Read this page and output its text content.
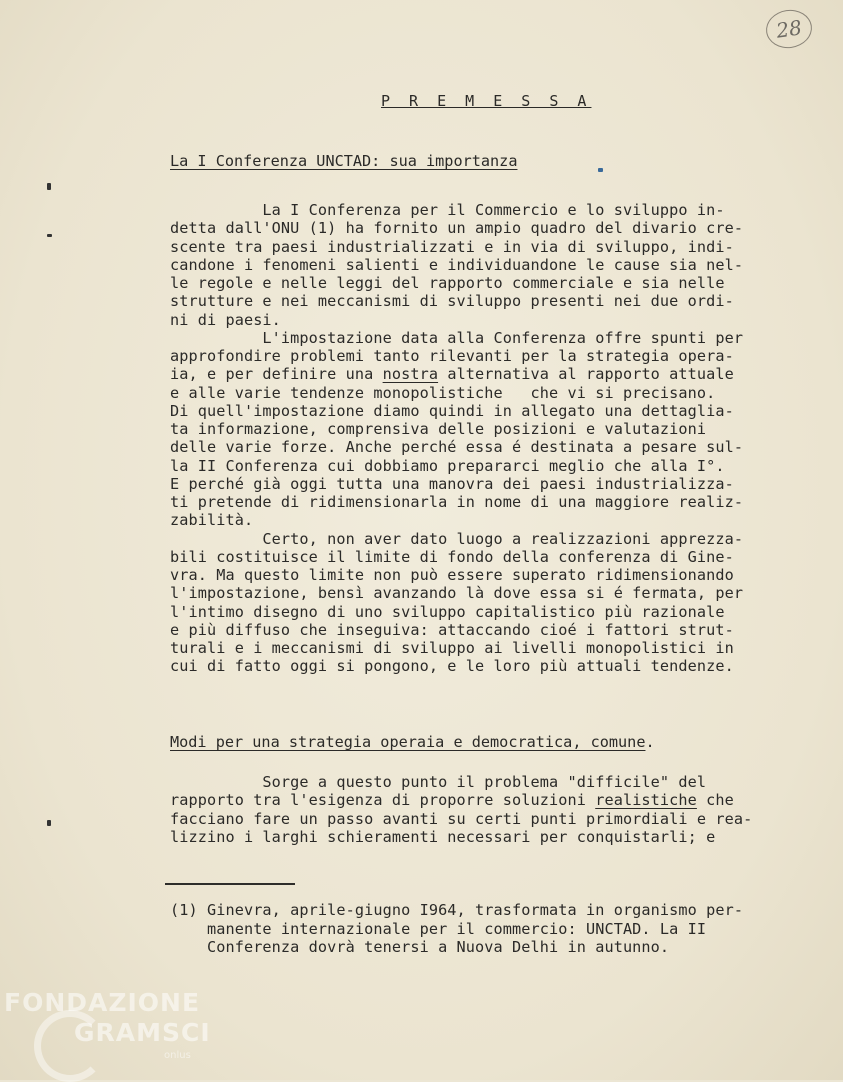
28
P R E M E S S A
La I Conferenza UNCTAD: sua importanza
La I Conferenza per il Commercio e lo sviluppo in-
detta dall'ONU (1) ha fornito un ampio quadro del divario cre-
scente tra paesi industrializzati e in via di sviluppo, indi-
candone i fenomeni salienti e individuandone le cause sia nel-
le regole e nelle leggi del rapporto commerciale e sia nelle
strutture e nei meccanismi di sviluppo presenti nei due ordi-
ni di paesi.
L'impostazione data alla Conferenza offre spunti per
approfondire problemi tanto rilevanti per la strategia opera-
ia, e per definire una nostra alternativa al rapporto attuale
e alle varie tendenze monopolistiche   che vi si precisano.
Di quell'impostazione diamo quindi in allegato una dettaglia-
ta informazione, comprensiva delle posizioni e valutazioni
delle varie forze. Anche perché essa é destinata a pesare sul-
la II Conferenza cui dobbiamo prepararci meglio che alla I°.
E perché già oggi tutta una manovra dei paesi industrializza-
ti pretende di ridimensionarla in nome di una maggiore realiz-
zabilità.
Certo, non aver dato luogo a realizzazioni apprezza-
bili costituisce il limite di fondo della conferenza di Gine-
vra. Ma questo limite non può essere superato ridimensionando
l'impostazione, bensì avanzando là dove essa si é fermata, per
l'intimo disegno di uno sviluppo capitalistico più razionale
e più diffuso che inseguiva: attaccando cioé i fattori strut-
turali e i meccanismi di sviluppo ai livelli monopolistici in
cui di fatto oggi si pongono, e le loro più attuali tendenze.
Modi per una strategia operaia e democratica, comune.
Sorge a questo punto il problema "difficile" del
rapporto tra l'esigenza di proporre soluzioni realistiche che
facciano fare un passo avanti su certi punti primordiali e rea-
lizzino i larghi schieramenti necessari per conquistarli; e
(1) Ginevra, aprile-giugno I964, trasformata in organismo per-
manente internazionale per il commercio: UNCTAD. La II
Conferenza dovrà tenersi a Nuova Delhi in autunno.
FONDAZIONE
GRAMSCI
onlus
